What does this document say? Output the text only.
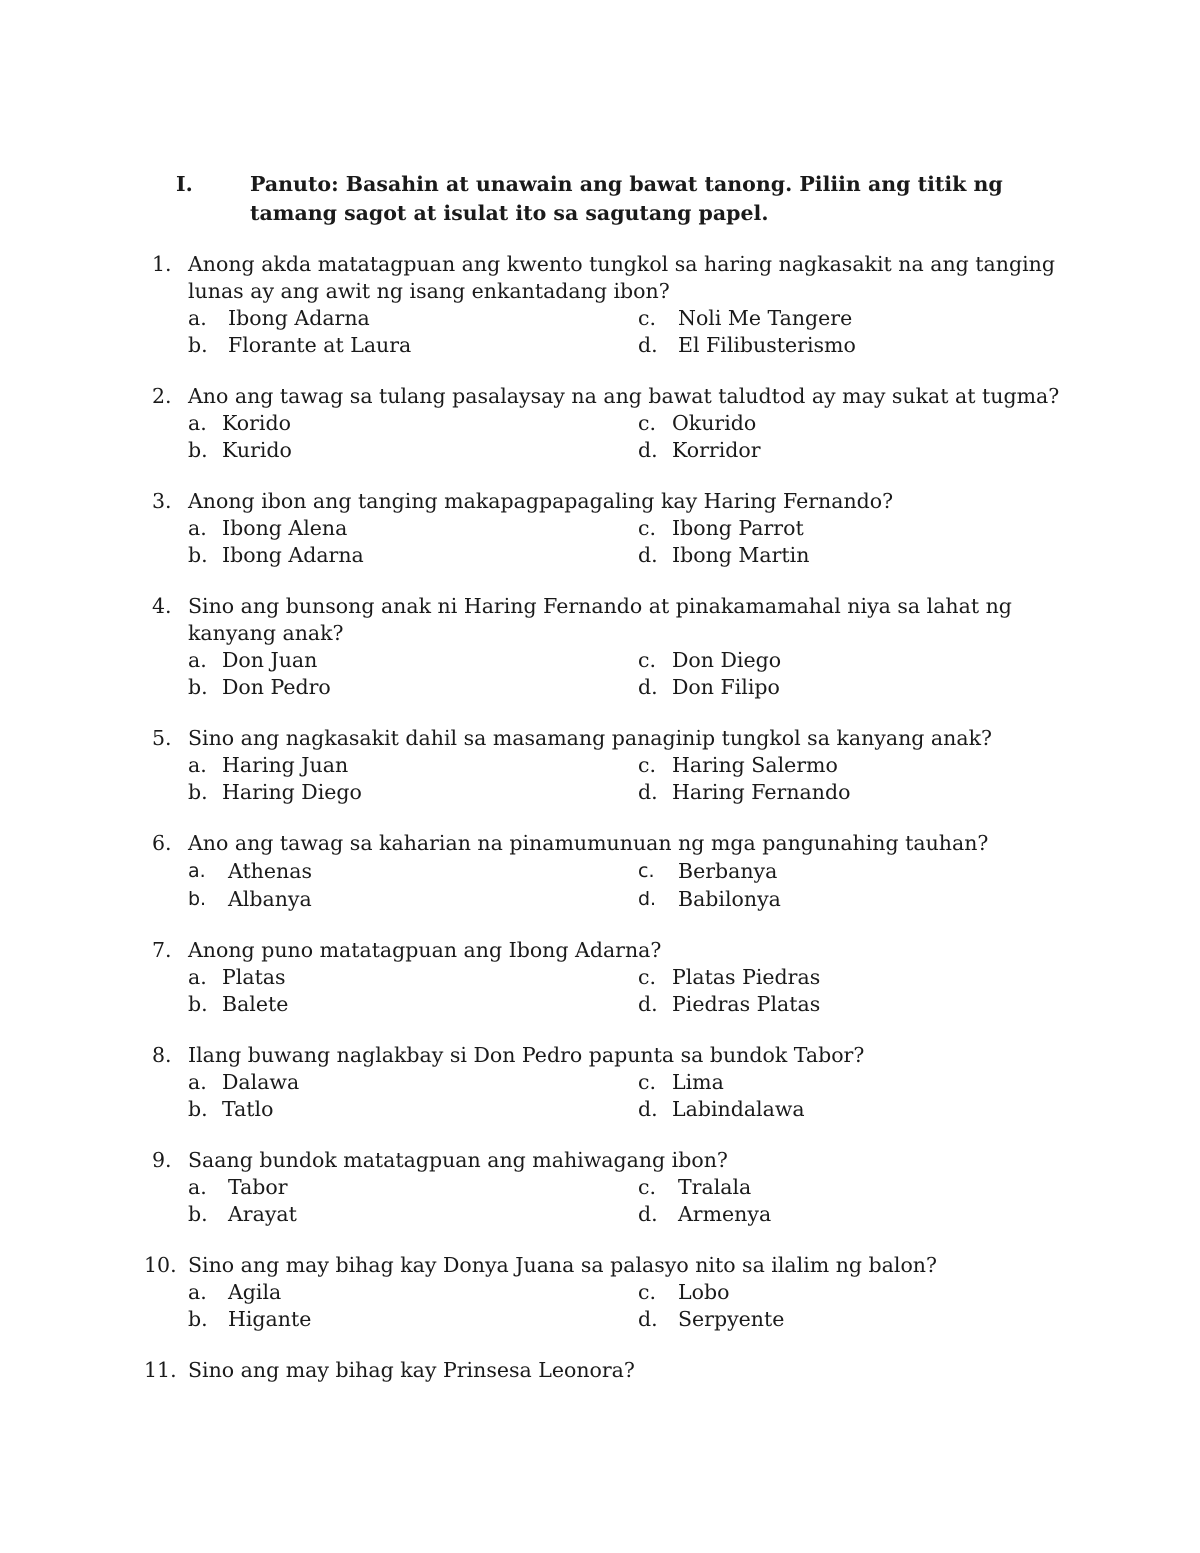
I.	Panuto: Basahin at unawain ang bawat tanong. Piliin ang titik ng tamang sagot at isulat ito sa sagutang papel.
1. Anong akda matatagpuan ang kwento tungkol sa haring nagkasakit na ang tanging lunas ay ang awit ng isang enkantadang ibon?
a. Ibong Adarna	c. Noli Me Tangere
b. Florante at Laura	d. El Filibusterismo
2. Ano ang tawag sa tulang pasalaysay na ang bawat taludtod ay may sukat at tugma?
a. Korido	c. Okurido
b. Kurido	d. Korridor
3. Anong ibon ang tanging makapagpapagaling kay Haring Fernando?
a. Ibong Alena	c. Ibong Parrot
b. Ibong Adarna	d. Ibong Martin
4. Sino ang bunsong anak ni Haring Fernando at pinakamamahal niya sa lahat ng kanyang anak?
a. Don Juan	c. Don Diego
b. Don Pedro	d. Don Filipo
5. Sino ang nagkasakit dahil sa masamang panaginip tungkol sa kanyang anak?
a. Haring Juan	c. Haring Salermo
b. Haring Diego	d. Haring Fernando
6. Ano ang tawag sa kaharian na pinamumunuan ng mga pangunahing tauhan?
a. Athenas	c. Berbanya
b. Albanya	d. Babilonya
7. Anong puno matatagpuan ang Ibong Adarna?
a. Platas	c. Platas Piedras
b. Balete	d. Piedras Platas
8. Ilang buwang naglakbay si Don Pedro papunta sa bundok Tabor?
a. Dalawa	c. Lima
b. Tatlo	d. Labindalawa
9. Saang bundok matatagpuan ang mahiwagang ibon?
a. Tabor	c. Tralala
b. Arayat	d. Armenya
10. Sino ang may bihag kay Donya Juana sa palasyo nito sa ilalim ng balon?
a. Agila	c. Lobo
b. Higante	d. Serpyente
11. Sino ang may bihag kay Prinsesa Leonora?
